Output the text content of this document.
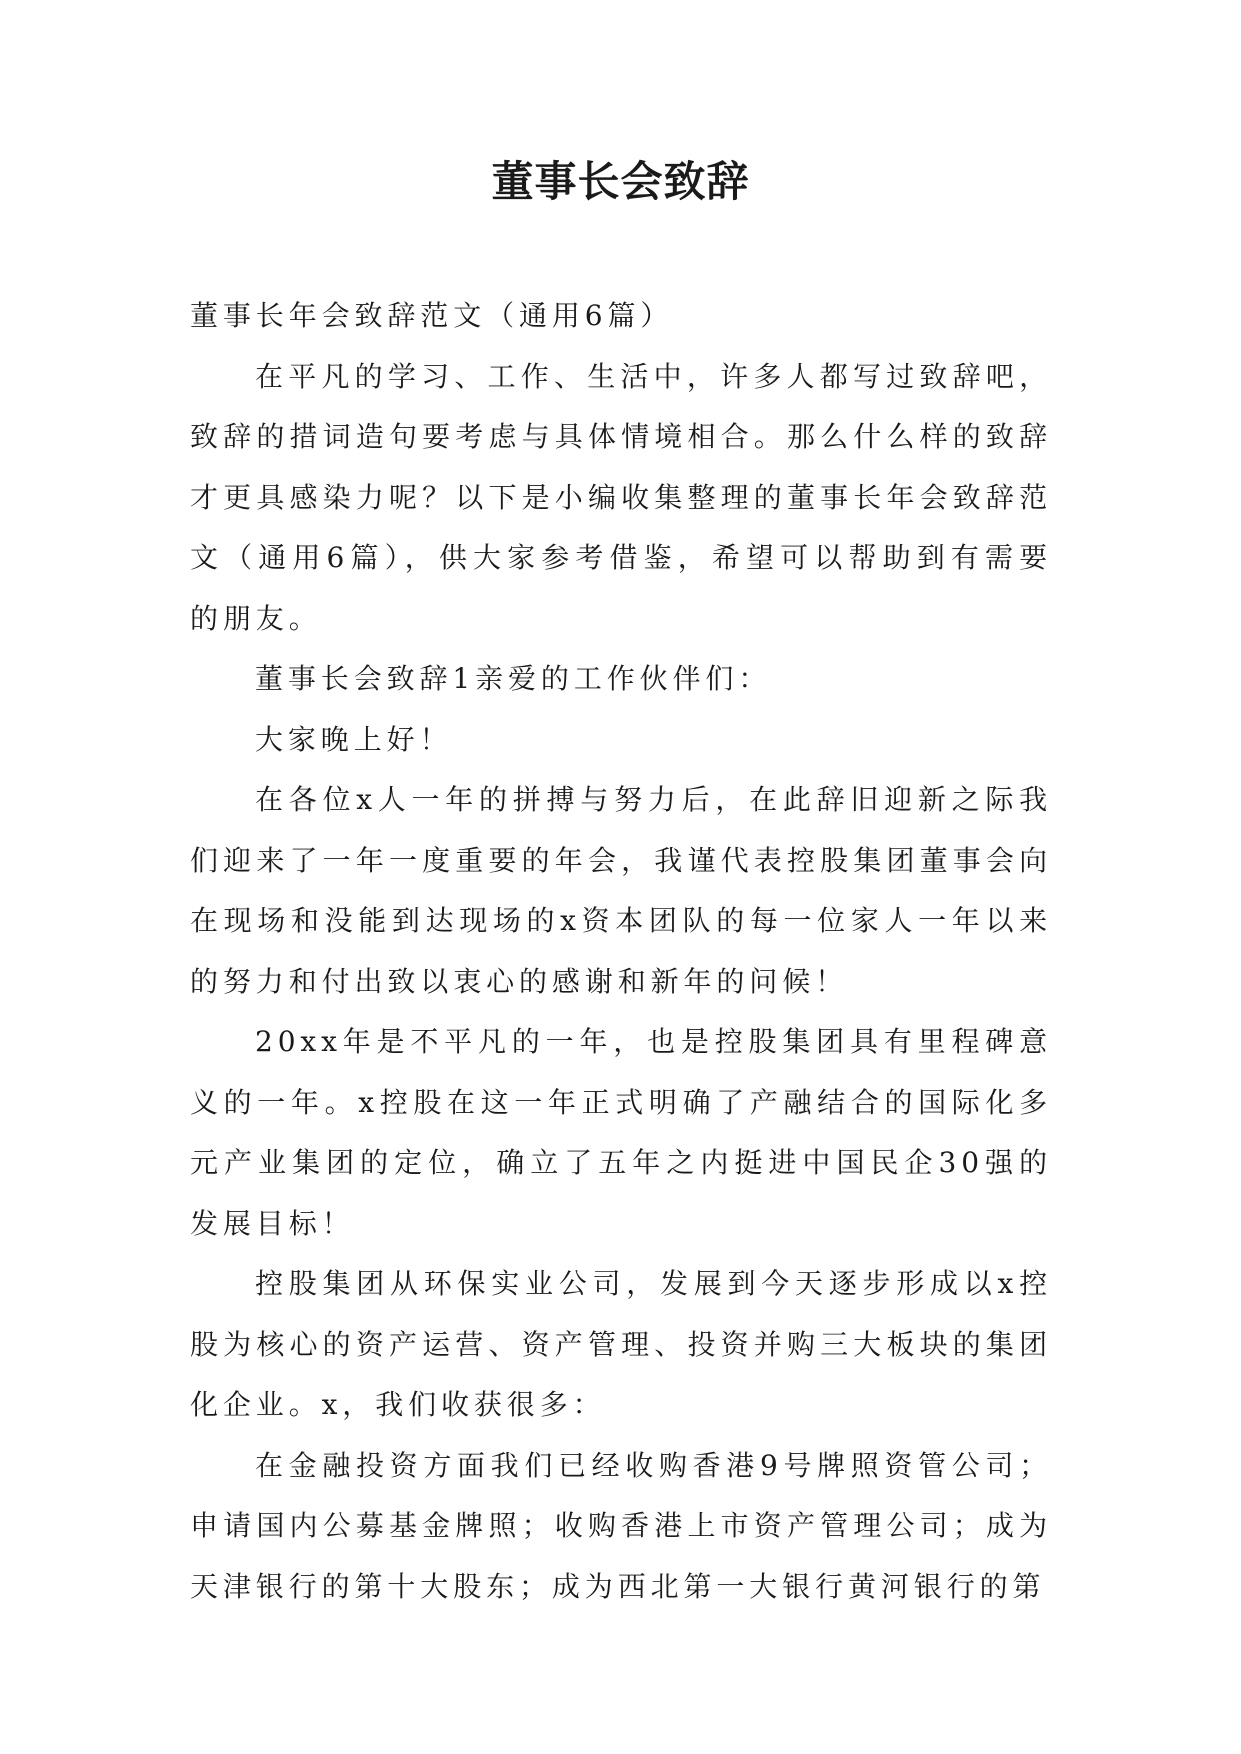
董事长会致辞

董事长年会致辞范文（通用6篇）

在平凡的学习、工作、生活中，许多人都写过致辞吧，致辞的措词造句要考虑与具体情境相合。那么什么样的致辞才更具感染力呢？以下是小编收集整理的董事长年会致辞范文（通用6篇），供大家参考借鉴，希望可以帮助到有需要的朋友。

董事长会致辞1亲爱的工作伙伴们：

大家晚上好！

在各位x人一年的拼搏与努力后，在此辞旧迎新之际我们迎来了一年一度重要的年会，我谨代表控股集团董事会向在现场和没能到达现场的x资本团队的每一位家人一年以来的努力和付出致以衷心的感谢和新年的问候！

20xx年是不平凡的一年，也是控股集团具有里程碑意义的一年。x控股在这一年正式明确了产融结合的国际化多元产业集团的定位，确立了五年之内挺进中国民企30强的发展目标！

控股集团从环保实业公司，发展到今天逐步形成以x控股为核心的资产运营、资产管理、投资并购三大板块的集团化企业。x，我们收获很多：

在金融投资方面我们已经收购香港9号牌照资管公司；申请国内公募基金牌照；收购香港上市资产管理公司；成为天津银行的第十大股东；成为西北第一大银行黄河银行的第
